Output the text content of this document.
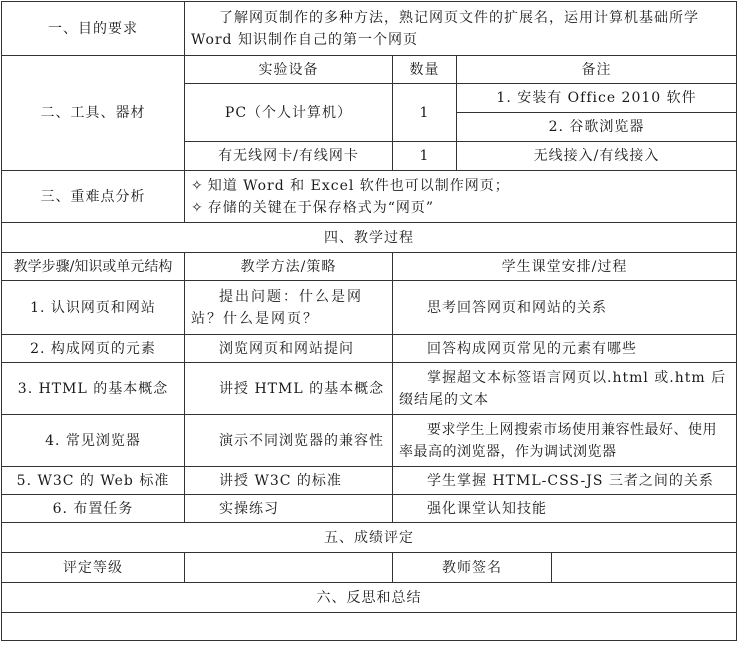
一、目的要求	了解网页制作的多种方法，熟记网页文件的扩展名，运用计算机基础所学 Word 知识制作自己的第一个网页			
二、工具、器材	实验设备	数量	备注	
	PC（个人计算机）	1	1. 安装有 Office 2010 软件	
			2. 谷歌浏览器	
	有无线网卡/有线网卡	1	无线接入/有线接入	
三、重难点分析	✧ 知道 Word 和 Excel 软件也可以制作网页；
✧ 存储的关键在于保存格式为“网页”			

四、教学过程				
教学步骤/知识或单元结构	教学方法/策略	学生课堂安排/过程		
1. 认识网页和网站	提出问题：什么是网站？什么是网页？	思考回答网页和网站的关系		
2. 构成网页的元素	浏览网页和网站提问	回答构成网页常见的元素有哪些		
3. HTML 的基本概念	讲授 HTML 的基本概念	掌握超文本标签语言网页以.html 或.htm 后缀结尾的文本		
4. 常见浏览器	演示不同浏览器的兼容性	要求学生上网搜索市场使用兼容性最好、使用率最高的浏览器，作为调试浏览器		
5. W3C 的 Web 标准	讲授 W3C 的标准	学生掌握 HTML-CSS-JS 三者之间的关系		
6. 布置任务	实操练习	强化课堂认知技能		
五、成绩评定				
评定等级		教师签名		
六、反思和总结				
